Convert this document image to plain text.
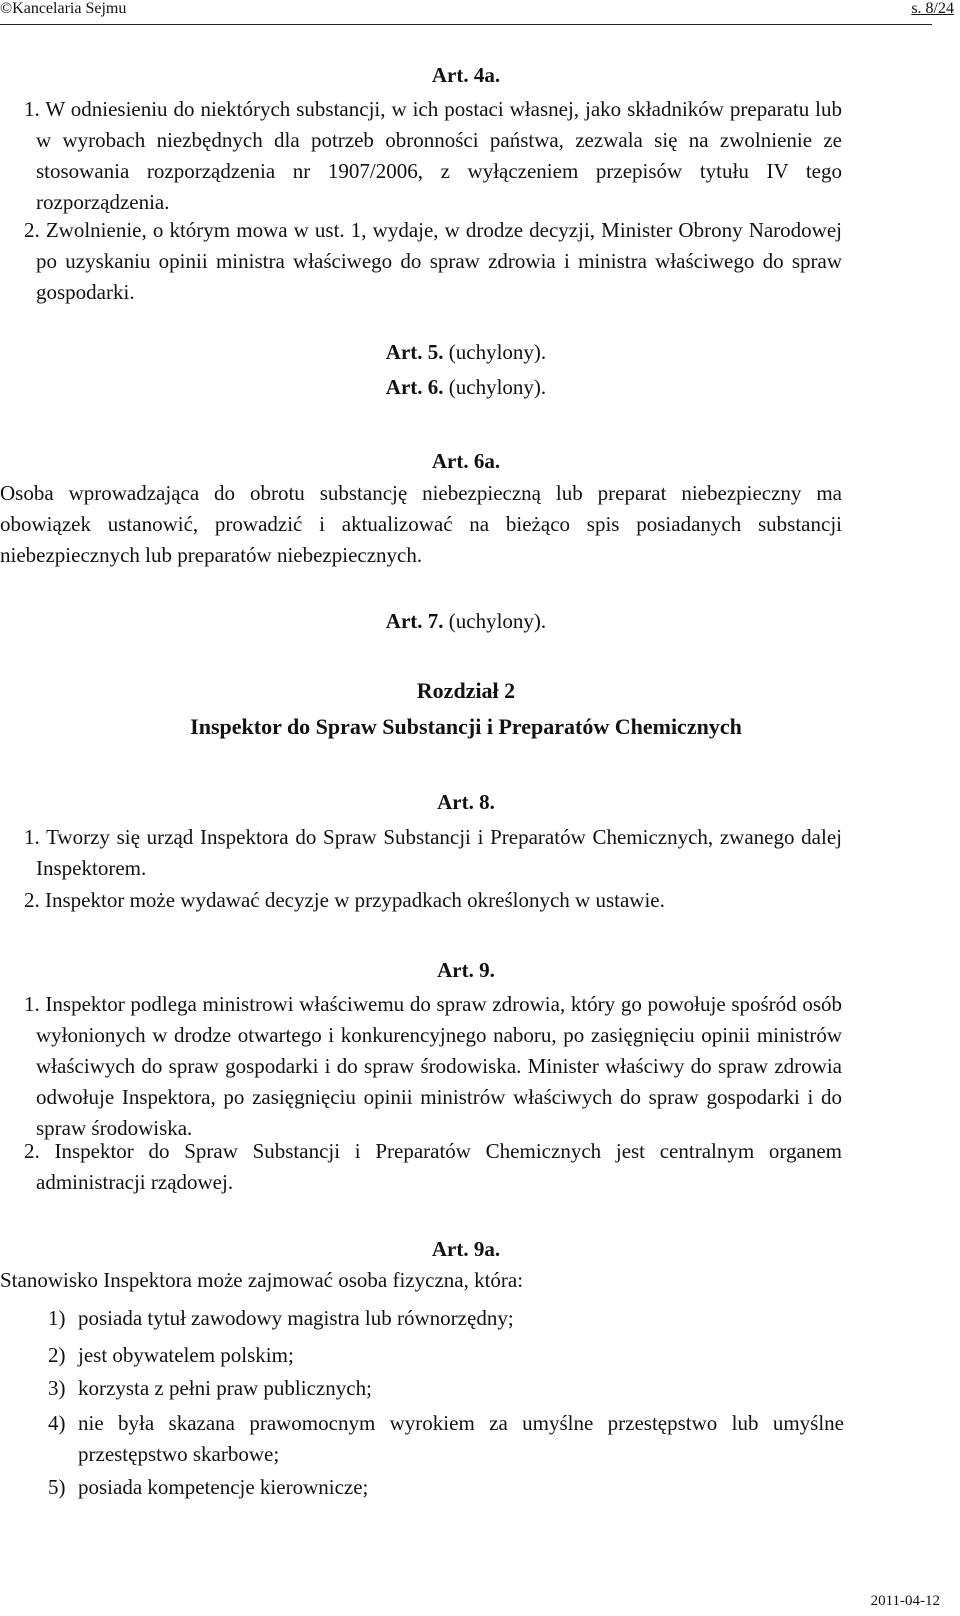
©Kancelaria Sejmu	s. 8/24
Art. 4a.

1. W odniesieniu do niektórych substancji, w ich postaci własnej, jako składników preparatu lub w wyrobach niezbędnych dla potrzeb obronności państwa, zezwala się na zwolnienie ze stosowania rozporządzenia nr 1907/2006, z wyłączeniem przepisów tytułu IV tego rozporządzenia.

2. Zwolnienie, o którym mowa w ust. 1, wydaje, w drodze decyzji, Minister Obrony Narodowej po uzyskaniu opinii ministra właściwego do spraw zdrowia i ministra właściwego do spraw gospodarki.

Art. 5. (uchylony).
Art. 6. (uchylony).
Art. 6a.

Osoba wprowadzająca do obrotu substancję niebezpieczną lub preparat niebezpieczny ma obowiązek ustanowić, prowadzić i aktualizować na bieżąco spis posiadanych substancji niebezpiecznych lub preparatów niebezpiecznych.

Art. 7. (uchylony).
Rozdział 2
Inspektor do Spraw Substancji i Preparatów Chemicznych
Art. 8.

1. Tworzy się urząd Inspektora do Spraw Substancji i Preparatów Chemicznych, zwanego dalej Inspektorem.

2. Inspektor może wydawać decyzje w przypadkach określonych w ustawie.

Art. 9.

1. Inspektor podlega ministrowi właściwemu do spraw zdrowia, który go powołuje spośród osób wyłonionych w drodze otwartego i konkurencyjnego naboru, po zasięgnięciu opinii ministrów właściwych do spraw gospodarki i do spraw środowiska. Minister właściwy do spraw zdrowia odwołuje Inspektora, po zasięgnięciu opinii ministrów właściwych do spraw gospodarki i do spraw środowiska.

2. Inspektor do Spraw Substancji i Preparatów Chemicznych jest centralnym organem administracji rządowej.

Art. 9a.

Stanowisko Inspektora może zajmować osoba fizyczna, która:

1) posiada tytuł zawodowy magistra lub równorzędny;
2) jest obywatelem polskim;
3) korzysta z pełni praw publicznych;
4) nie była skazana prawomocnym wyrokiem za umyślne przestępstwo lub umyślne przestępstwo skarbowe;
5) posiada kompetencje kierownicze;
2011-04-12
